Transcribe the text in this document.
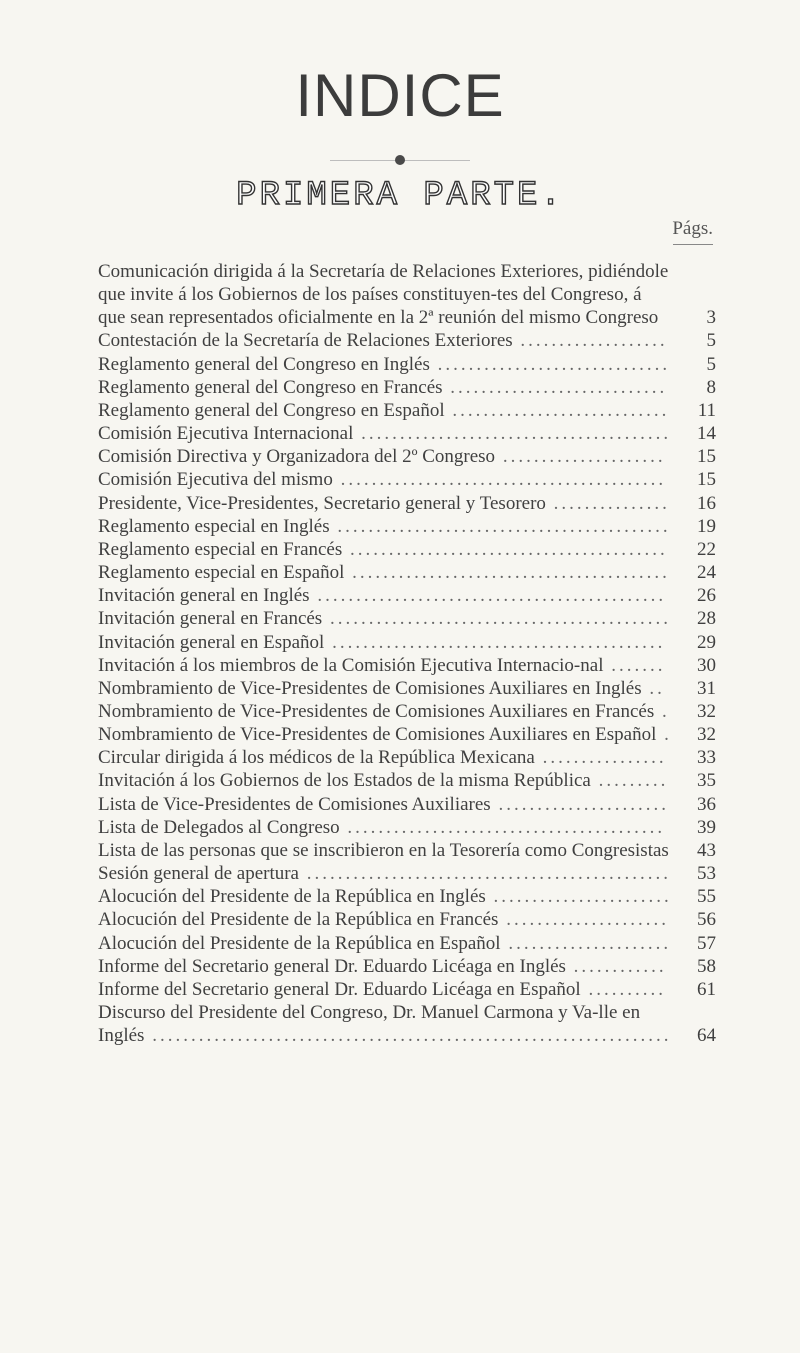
INDICE
PRIMERA PARTE.
Págs.
Comunicación dirigida á la Secretaría de Relaciones Exteriores, pidiéndole que invite á los Gobiernos de los países constituyen-tes del Congreso, á que sean representados oficialmente en la 2ª reunión del mismo Congreso	3
Contestación de la Secretaría de Relaciones Exteriores ...................	5
Reglamento general del Congreso en Inglés ..............................	5
Reglamento general del Congreso en Francés ............................	8
Reglamento general del Congreso en Español ............................	11
Comisión Ejecutiva Internacional ........................................	14
Comisión Directiva y Organizadora del 2º Congreso .....................	15
Comisión Ejecutiva del mismo ..........................................	15
Presidente, Vice-Presidentes, Secretario general y Tesorero ...............	16
Reglamento especial en Inglés ...........................................	19
Reglamento especial en Francés .........................................	22
Reglamento especial en Español .........................................	24
Invitación general en Inglés .............................................	26
Invitación general en Francés ............................................	28
Invitación general en Español ...........................................	29
Invitación á los miembros de la Comisión Ejecutiva Internacio-nal .......	30
Nombramiento de Vice-Presidentes de Comisiones Auxiliares en Inglés ..	31
Nombramiento de Vice-Presidentes de Comisiones Auxiliares en Francés .	32
Nombramiento de Vice-Presidentes de Comisiones Auxiliares en Español .	32
Circular dirigida á los médicos de la República Mexicana ................	33
Invitación á los Gobiernos de los Estados de la misma República .........	35
Lista de Vice-Presidentes de Comisiones Auxiliares ......................	36
Lista de Delegados al Congreso .........................................	39
Lista de las personas que se inscribieron en la Tesorería como Congresistas	43
Sesión general de apertura ...............................................	53
Alocución del Presidente de la República en Inglés .......................	55
Alocución del Presidente de la República en Francés .....................	56
Alocución del Presidente de la República en Español .....................	57
Informe del Secretario general Dr. Eduardo Licéaga en Inglés ............	58
Informe del Secretario general Dr. Eduardo Licéaga en Español ..........	61
Discurso del Presidente del Congreso, Dr. Manuel Carmona y Va-lle en Inglés ...................................................................	64
